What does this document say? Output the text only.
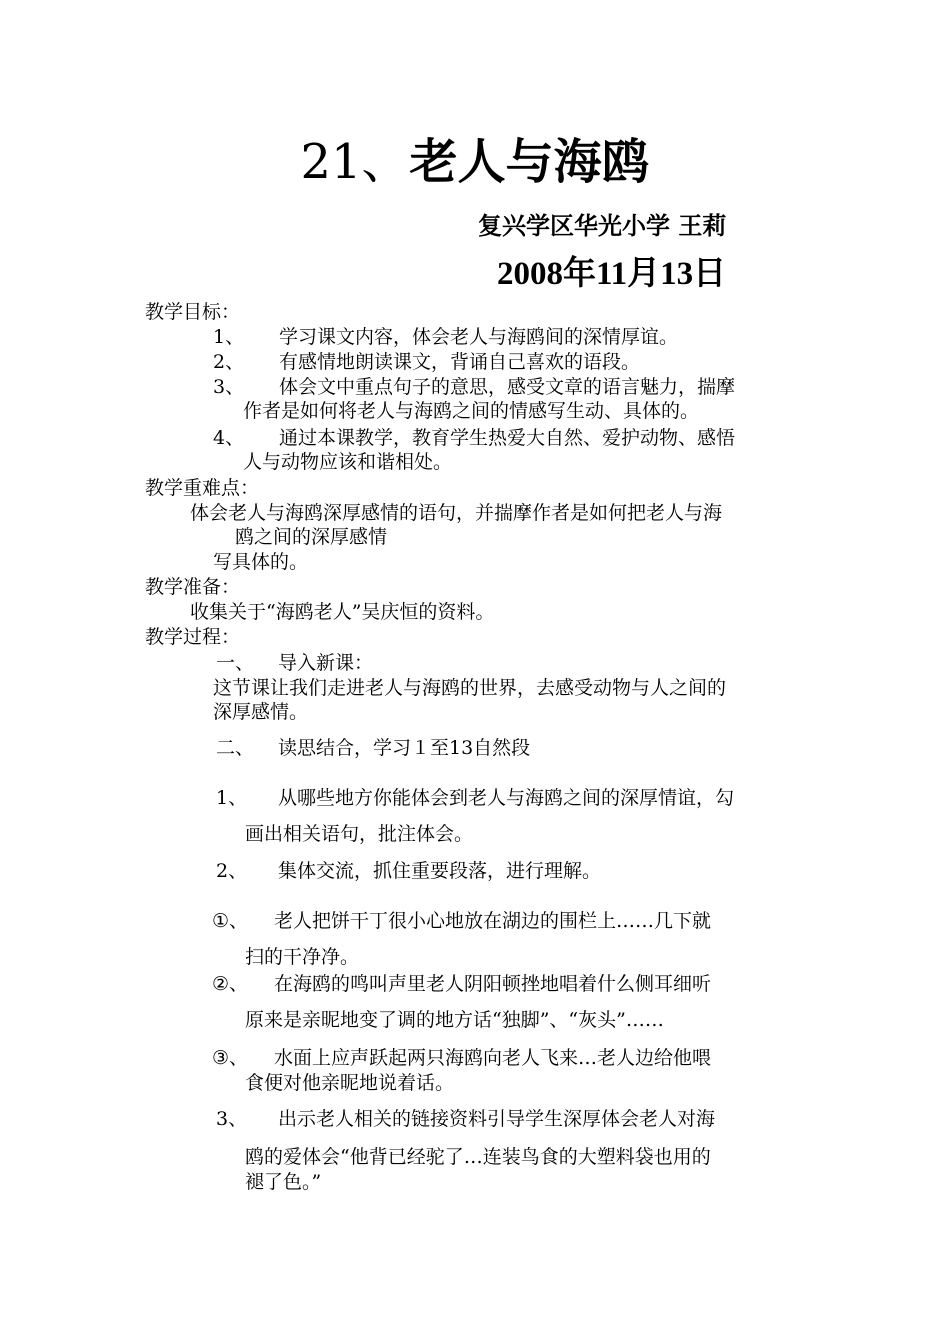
21、老人与海鸥
复兴学区华光小学 王莉
2008年11月13日
教学目标：
1、 学习课文内容，体会老人与海鸥间的深情厚谊。
2、 有感情地朗读课文，背诵自己喜欢的语段。
3、 体会文中重点句子的意思，感受文章的语言魅力，揣摩
作者是如何将老人与海鸥之间的情感写生动、具体的。
4、 通过本课教学，教育学生热爱大自然、爱护动物、感悟
人与动物应该和谐相处。
教学重难点：
体会老人与海鸥深厚感情的语句，并揣摩作者是如何把老人与海
鸥之间的深厚感情
写具体的。
教学准备：
收集关于“海鸥老人”吴庆恒的资料。
教学过程：
一、 导入新课：
这节课让我们走进老人与海鸥的世界，去感受动物与人之间的
深厚感情。
二、 读思结合，学习１至13自然段
1、 从哪些地方你能体会到老人与海鸥之间的深厚情谊，勾
画出相关语句，批注体会。
2、 集体交流，抓住重要段落，进行理解。
①、 老人把饼干丁很小心地放在湖边的围栏上……几下就
扫的干净净。
②、 在海鸥的鸣叫声里老人阴阳顿挫地唱着什么侧耳细听
原来是亲昵地变了调的地方话“独脚”、“灰头”……
③、 水面上应声跃起两只海鸥向老人飞来…老人边给他喂
食便对他亲昵地说着话。
3、 出示老人相关的链接资料引导学生深厚体会老人对海
鸥的爱体会“他背已经驼了…连装鸟食的大塑料袋也用的
褪了色。”
